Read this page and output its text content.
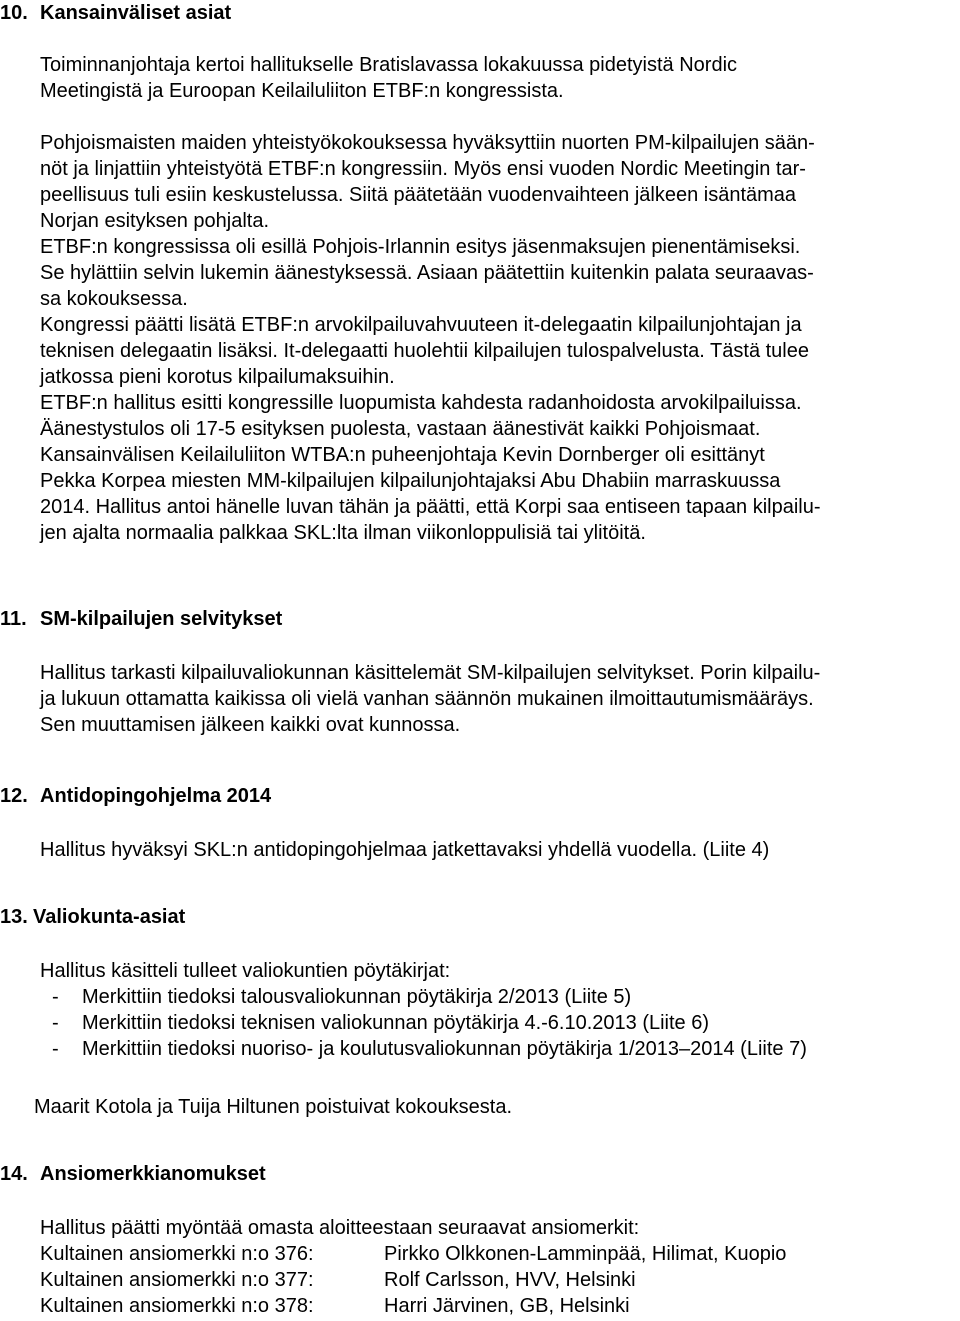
10. Kansainväliset asiat
Toiminnanjohtaja kertoi hallitukselle Bratislavassa lokakuussa pidetyistä Nordic
Meetingistä ja Euroopan Keilailuliiton ETBF:n kongressista.
Pohjoismaisten maiden yhteistyökokouksessa hyväksyttiin nuorten PM-kilpailujen sään-
nöt ja linjattiin yhteistyötä ETBF:n kongressiin. Myös ensi vuoden Nordic Meetingin tar-
peellisuus tuli esiin keskustelussa. Siitä päätetään vuodenvaihteen jälkeen isäntämaa
Norjan esityksen pohjalta.
ETBF:n kongressissa oli esillä Pohjois-Irlannin esitys jäsenmaksujen pienentämiseksi.
Se hylättiin selvin lukemin äänestyksessä. Asiaan päätettiin kuitenkin palata seuraavas-
sa kokouksessa.
Kongressi päätti lisätä ETBF:n arvokilpailuvahvuuteen it-delegaatin kilpailunjohtajan ja
teknisen delegaatin lisäksi. It-delegaatti huolehtii kilpailujen tulospalvelusta. Tästä tulee
jatkossa pieni korotus kilpailumaksuihin.
ETBF:n hallitus esitti kongressille luopumista kahdesta radanhoidosta arvokilpailuissa.
Äänestystulos oli 17-5 esityksen puolesta, vastaan äänestivät kaikki Pohjoismaat.
Kansainvälisen Keilailuliiton WTBA:n puheenjohtaja Kevin Dornberger oli esittänyt
Pekka Korpea miesten MM-kilpailujen kilpailunjohtajaksi Abu Dhabiin marraskuussa
2014. Hallitus antoi hänelle luvan tähän ja päätti, että Korpi saa entiseen tapaan kilpailu-
jen ajalta normaalia palkkaa SKL:lta ilman viikonloppulisiä tai ylitöitä.
11. SM-kilpailujen selvitykset
Hallitus tarkasti kilpailuvaliokunnan käsittelemät SM-kilpailujen selvitykset. Porin kilpailu-
ja lukuun ottamatta kaikissa oli vielä vanhan säännön mukainen ilmoittautumismääräys.
Sen muuttamisen jälkeen kaikki ovat kunnossa.
12. Antidopingohjelma 2014
Hallitus hyväksyi SKL:n antidopingohjelmaa jatkettavaksi yhdellä vuodella. (Liite 4)
13. Valiokunta-asiat
Hallitus käsitteli tulleet valiokuntien pöytäkirjat:
- Merkittiin tiedoksi talousvaliokunnan pöytäkirja 2/2013 (Liite 5)
- Merkittiin tiedoksi teknisen valiokunnan pöytäkirja 4.-6.10.2013 (Liite 6)
- Merkittiin tiedoksi nuoriso- ja koulutusvaliokunnan pöytäkirja 1/2013–2014 (Liite 7)
Maarit Kotola ja Tuija Hiltunen poistuivat kokouksesta.
14. Ansiomerkkianomukset
Hallitus päätti myöntää omasta aloitteestaan seuraavat ansiomerkit:
Kultainen ansiomerkki n:o 376:	Pirkko Olkkonen-Lamminpää, Hilimat, Kuopio
Kultainen ansiomerkki n:o 377:	Rolf Carlsson, HVV, Helsinki
Kultainen ansiomerkki n:o 378:	Harri Järvinen, GB, Helsinki
